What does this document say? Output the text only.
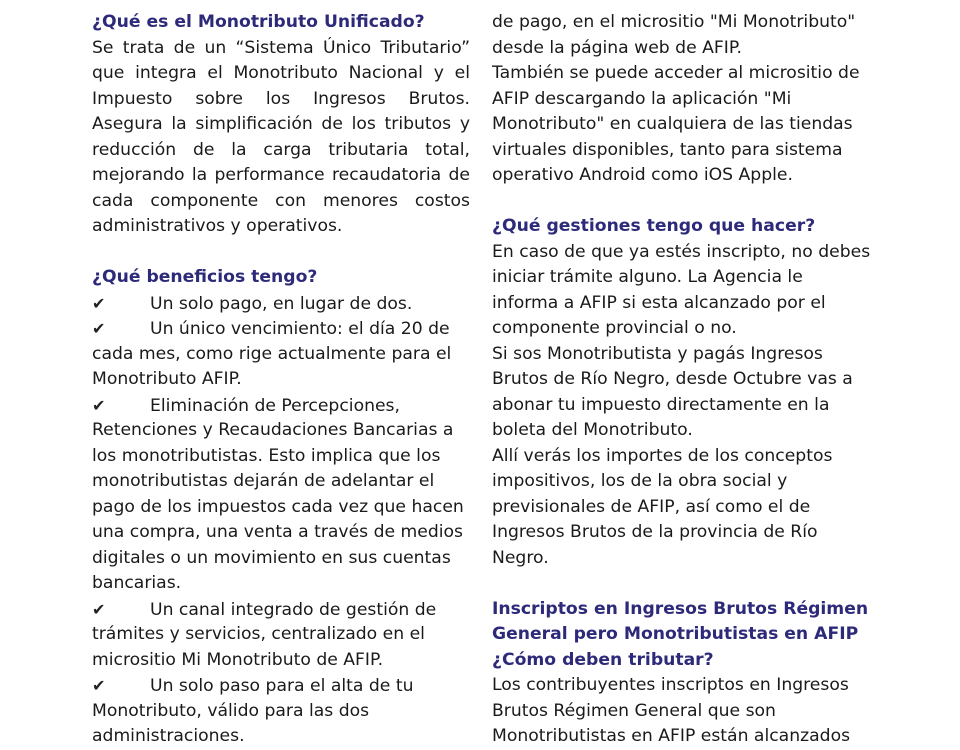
¿Qué es el Monotributo Unificado?
Se trata de un “Sistema Único Tributario”
que integra el Monotributo Nacional y el
Impuesto sobre los Ingresos Brutos.
Asegura la simplificación de los tributos y
reducción de la carga tributaria total,
mejorando la performance recaudatoria de
cada componente con menores costos
administrativos y operativos.
¿Qué beneficios tengo?
✔	Un solo pago, en lugar de dos.
✔	Un único vencimiento: el día 20 de
cada mes, como rige actualmente para el
Monotributo AFIP.
✔	Eliminación de Percepciones,
Retenciones y Recaudaciones Bancarias a
los monotributistas. Esto implica que los
monotributistas dejarán de adelantar el
pago de los impuestos cada vez que hacen
una compra, una venta a través de medios
digitales o un movimiento en sus cuentas
bancarias.
✔	Un canal integrado de gestión de
trámites y servicios, centralizado en el
micrositio Mi Monotributo de AFIP.
✔	Un solo paso para el alta de tu
Monotributo, válido para las dos
administraciones.
de pago, en el micrositio "Mi Monotributo"
desde la página web de AFIP.
También se puede acceder al micrositio de
AFIP descargando la aplicación "Mi
Monotributo" en cualquiera de las tiendas
virtuales disponibles, tanto para sistema
operativo Android como iOS Apple.
¿Qué gestiones tengo que hacer?
En caso de que ya estés inscripto, no debes
iniciar trámite alguno. La Agencia le
informa a AFIP si esta alcanzado por el
componente provincial o no.
Si sos Monotributista y pagás Ingresos
Brutos de Río Negro, desde Octubre vas a
abonar tu impuesto directamente en la
boleta del Monotributo.
Allí verás los importes de los conceptos
impositivos, los de la obra social y
previsionales de AFIP, así como el de
Ingresos Brutos de la provincia de Río
Negro.
Inscriptos en Ingresos Brutos Régimen
General pero Monotributistas en AFIP
¿Cómo deben tributar?
Los contribuyentes inscriptos en Ingresos
Brutos Régimen General que son
Monotributistas en AFIP están alcanzados
